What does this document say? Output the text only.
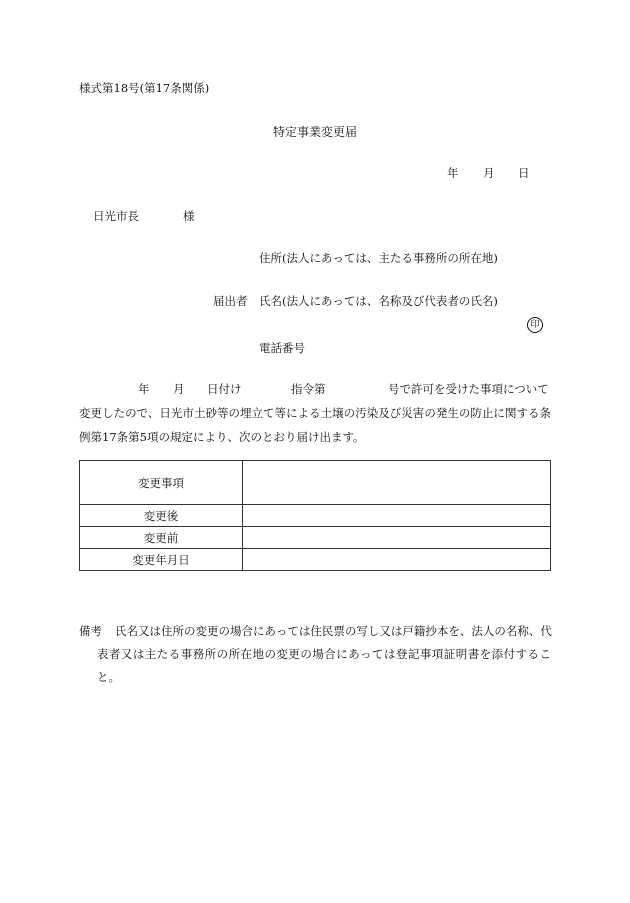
様式第18号(第17条関係)
特定事業変更届
年 月 日
日光市長	様
住所(法人にあっては、主たる事務所の所在地)
届出者 氏名(法人にあっては、名称及び代表者の氏名)
印
電話番号
年 月 日付け	指令第	号で許可を受けた事項について
変更したので、日光市土砂等の埋立て等による土壌の汚染及び災害の発生の防止に関する条
例第17条第5項の規定により、次のとおり届け出ます。
変更事項	
変更後	
変更前	
変更年月日	
備考 氏名又は住所の変更の場合にあっては住民票の写し又は戸籍抄本を、法人の名称、代
表者又は主たる事務所の所在地の変更の場合にあっては登記事項証明書を添付するこ
と。
